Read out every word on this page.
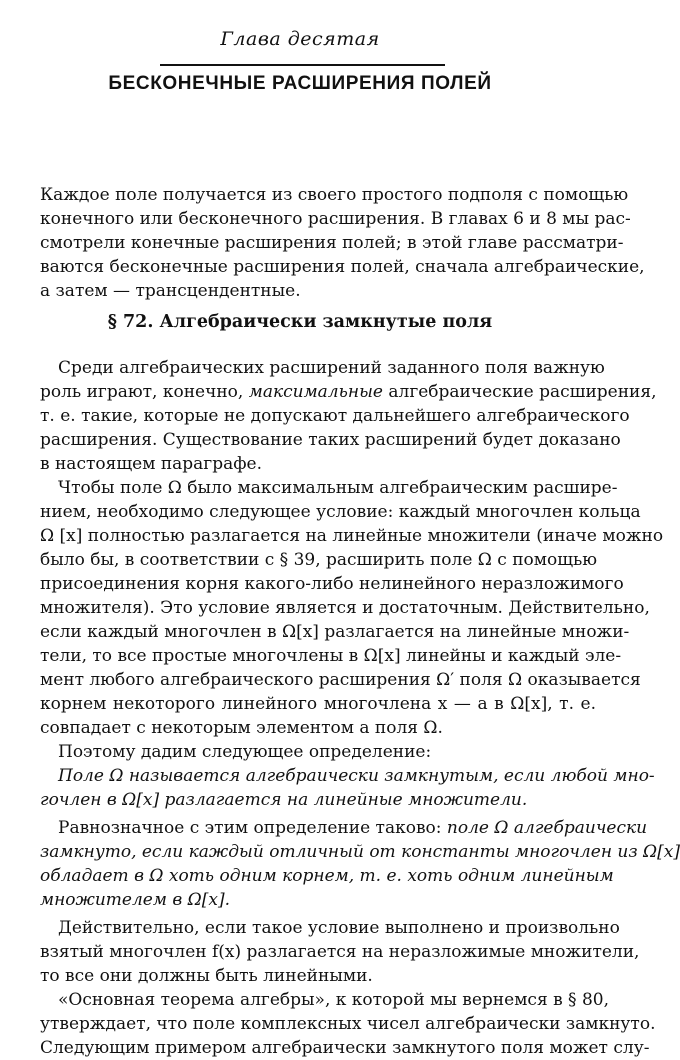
Глава десятая
БЕСКОНЕЧНЫЕ РАСШИРЕНИЯ ПОЛЕЙ
Каждое поле получается из своего простого подполя с помощью
конечного или бесконечного расширения. В главах 6 и 8 мы рас-
смотрели конечные расширения полей; в этой главе рассматри-
ваются бесконечные расширения полей, сначала алгебраические,
а затем — трансцендентные.
§ 72. Алгебраически замкнутые поля
Среди алгебраических расширений заданного поля важную
роль играют, конечно, максимальные алгебраические расширения,
т. е. такие, которые не допускают дальнейшего алгебраического
расширения. Существование таких расширений будет доказано
в настоящем параграфе.
Чтобы поле Ω было максимальным алгебраическим расшире-
нием, необходимо следующее условие: каждый многочлен кольца
Ω [x] полностью разлагается на линейные множители (иначе можно
было бы, в соответствии с § 39, расширить поле Ω с помощью
присоединения корня какого-либо нелинейного неразложимого
множителя). Это условие является и достаточным. Действительно,
если каждый многочлен в Ω[x] разлагается на линейные множи-
тели, то все простые многочлены в Ω[x] линейны и каждый эле-
мент любого алгебраического расширения Ω′ поля Ω оказывается
корнем некоторого линейного многочлена x — a в Ω[x], т. е.
совпадает с некоторым элементом a поля Ω.
Поэтому дадим следующее определение:
Поле Ω называется алгебраически замкнутым, если любой мно-
гочлен в Ω[x] разлагается на линейные множители.
Равнозначное с этим определение таково: поле Ω алгебраически
замкнуто, если каждый отличный от константы многочлен из Ω[x]
обладает в Ω хоть одним корнем, т. е. хоть одним линейным
множителем в Ω[x].
Действительно, если такое условие выполнено и произвольно
взятый многочлен f(x) разлагается на неразложимые множители,
то все они должны быть линейными.
«Основная теорема алгебры», к которой мы вернемся в § 80,
утверждает, что поле комплексных чисел алгебраически замкнуто.
Следующим примером алгебраически замкнутого поля может слу-
